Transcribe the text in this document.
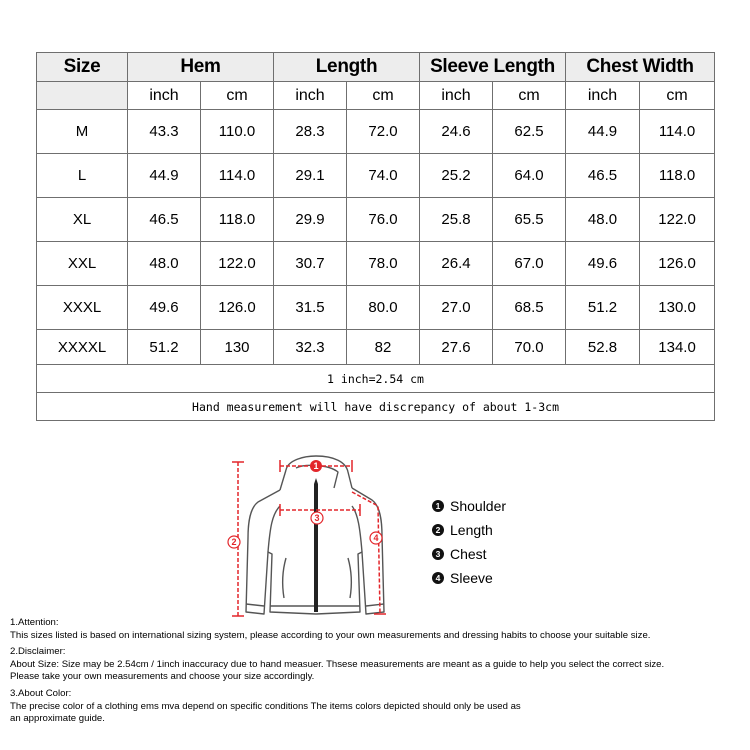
Size	Hem		Length		Sleeve Length		Chest Width	
	inch	cm	inch	cm	inch	cm	inch	cm
M	43.3	110.0	28.3	72.0	24.6	62.5	44.9	114.0
L	44.9	114.0	29.1	74.0	25.2	64.0	46.5	118.0
XL	46.5	118.0	29.9	76.0	25.8	65.5	48.0	122.0
XXL	48.0	122.0	30.7	78.0	26.4	67.0	49.6	126.0
XXXL	49.6	126.0	31.5	80.0	27.0	68.5	51.2	130.0
XXXXL	51.2	130	32.3	82	27.6	70.0	52.8	134.0
1 inch=2.54 cm								
Hand measurement will have discrepancy of about 1-3cm								
1
2
3
4
1 Shoulder
2 Length
3 Chest
4 Sleeve
1.Attention:
This sizes listed is based on international sizing system, please according to your own measurements and dressing habits to choose your suitable size.
2.Disclaimer:
About Size: Size may be 2.54cm / 1inch inaccuracy due to hand measuer. Thsese measurements are meant as a guide to help you select the correct size.
Please take your own measurements and choose your size accordingly.
3.About Color:
The precise color of a clothing ems mva depend on specific conditions The items colors depicted should only be used as
an approximate guide.
